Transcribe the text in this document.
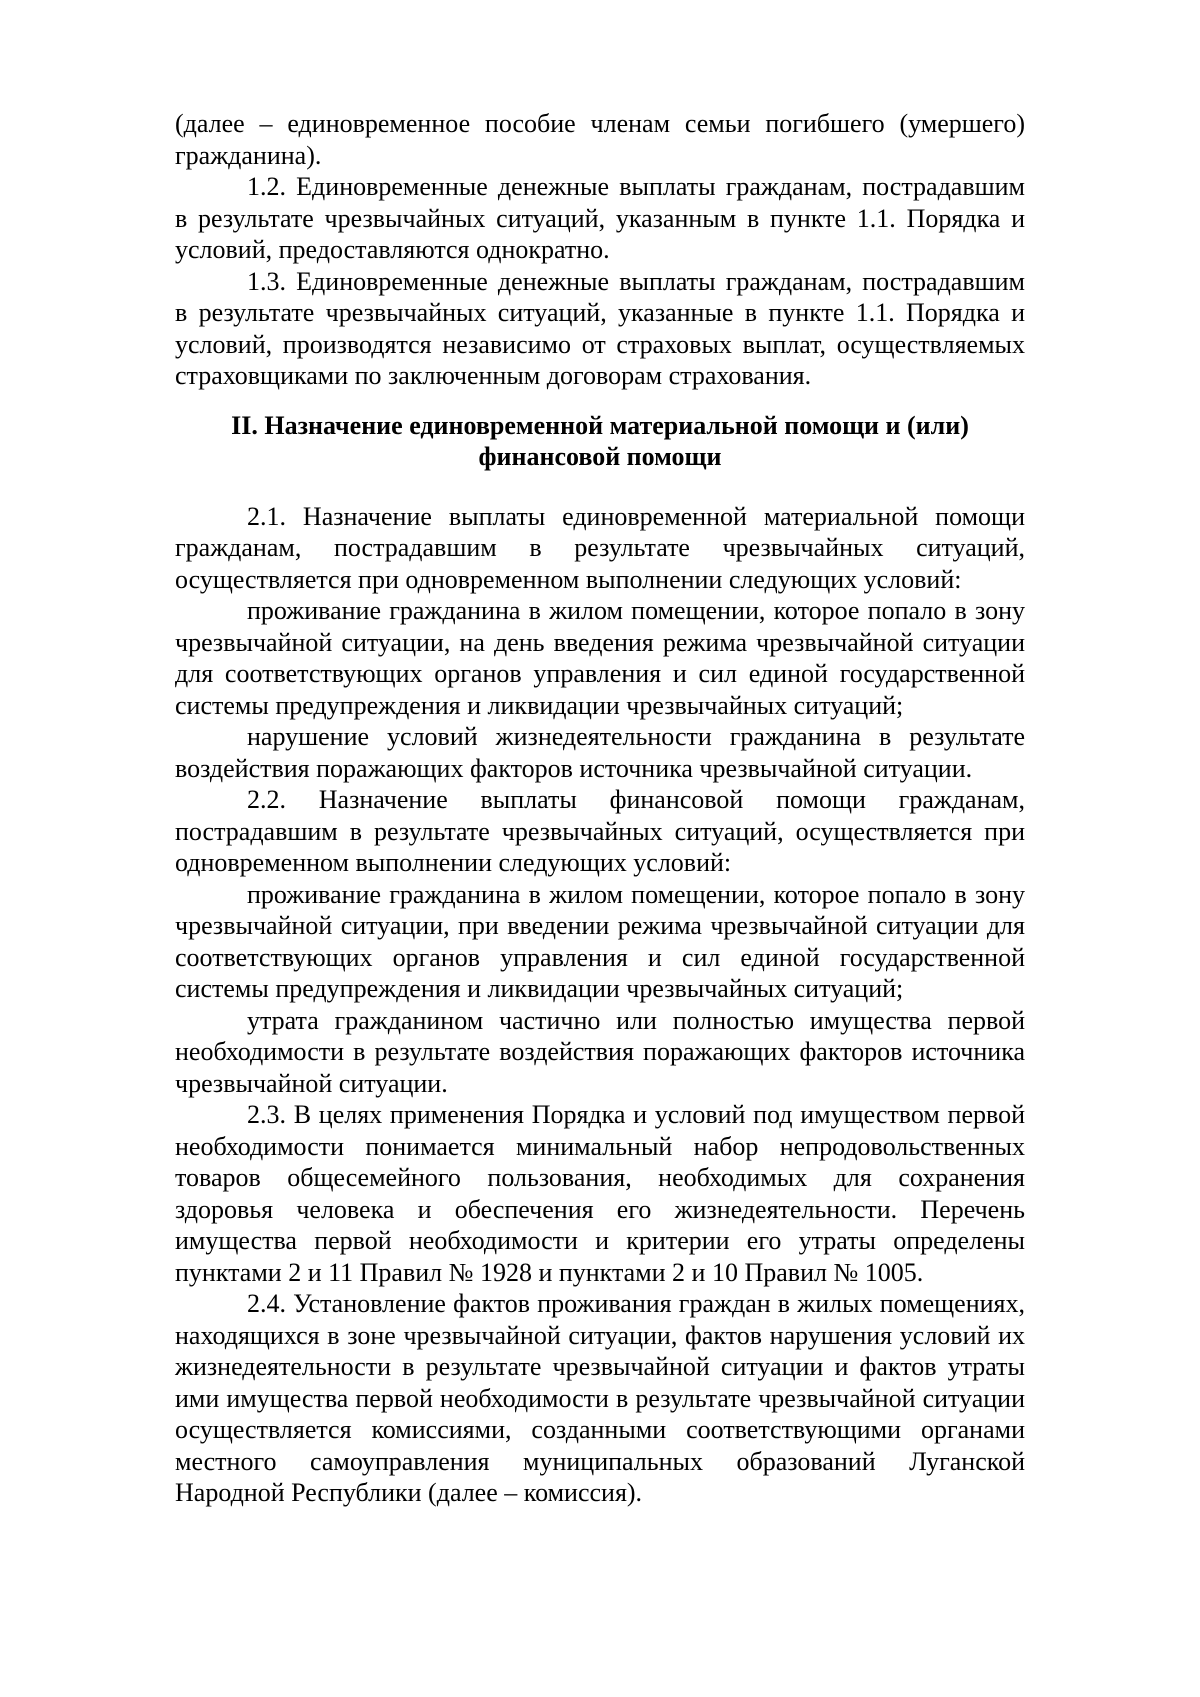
(далее – единовременное пособие членам семьи погибшего (умершего) гражданина).

1.2. Единовременные денежные выплаты гражданам, пострадавшим в результате чрезвычайных ситуаций, указанным в пункте 1.1. Порядка и условий, предоставляются однократно.

1.3. Единовременные денежные выплаты гражданам, пострадавшим в результате чрезвычайных ситуаций, указанные в пункте 1.1. Порядка и условий, производятся независимо от страховых выплат, осуществляемых страховщиками по заключенным договорам страхования.

II. Назначение единовременной материальной помощи и (или)
финансовой помощи

2.1. Назначение выплаты единовременной материальной помощи гражданам, пострадавшим в результате чрезвычайных ситуаций, осуществляется при одновременном выполнении следующих условий:

проживание гражданина в жилом помещении, которое попало в зону чрезвычайной ситуации, на день введения режима чрезвычайной ситуации для соответствующих органов управления и сил единой государственной системы предупреждения и ликвидации чрезвычайных ситуаций;

нарушение условий жизнедеятельности гражданина в результате воздействия поражающих факторов источника чрезвычайной ситуации.

2.2. Назначение выплаты финансовой помощи гражданам, пострадавшим в результате чрезвычайных ситуаций, осуществляется при одновременном выполнении следующих условий:

проживание гражданина в жилом помещении, которое попало в зону чрезвычайной ситуации, при введении режима чрезвычайной ситуации для соответствующих органов управления и сил единой государственной системы предупреждения и ликвидации чрезвычайных ситуаций;

утрата гражданином частично или полностью имущества первой необходимости в результате воздействия поражающих факторов источника чрезвычайной ситуации.

2.3. В целях применения Порядка и условий под имуществом первой необходимости понимается минимальный набор непродовольственных товаров общесемейного пользования, необходимых для сохранения здоровья человека и обеспечения его жизнедеятельности. Перечень имущества первой необходимости и критерии его утраты определены пунктами 2 и 11 Правил № 1928 и пунктами 2 и 10 Правил № 1005.

2.4. Установление фактов проживания граждан в жилых помещениях, находящихся в зоне чрезвычайной ситуации, фактов нарушения условий их жизнедеятельности в результате чрезвычайной ситуации и фактов утраты ими имущества первой необходимости в результате чрезвычайной ситуации осуществляется комиссиями, созданными соответствующими органами местного самоуправления муниципальных образований Луганской Народной Республики (далее – комиссия).
